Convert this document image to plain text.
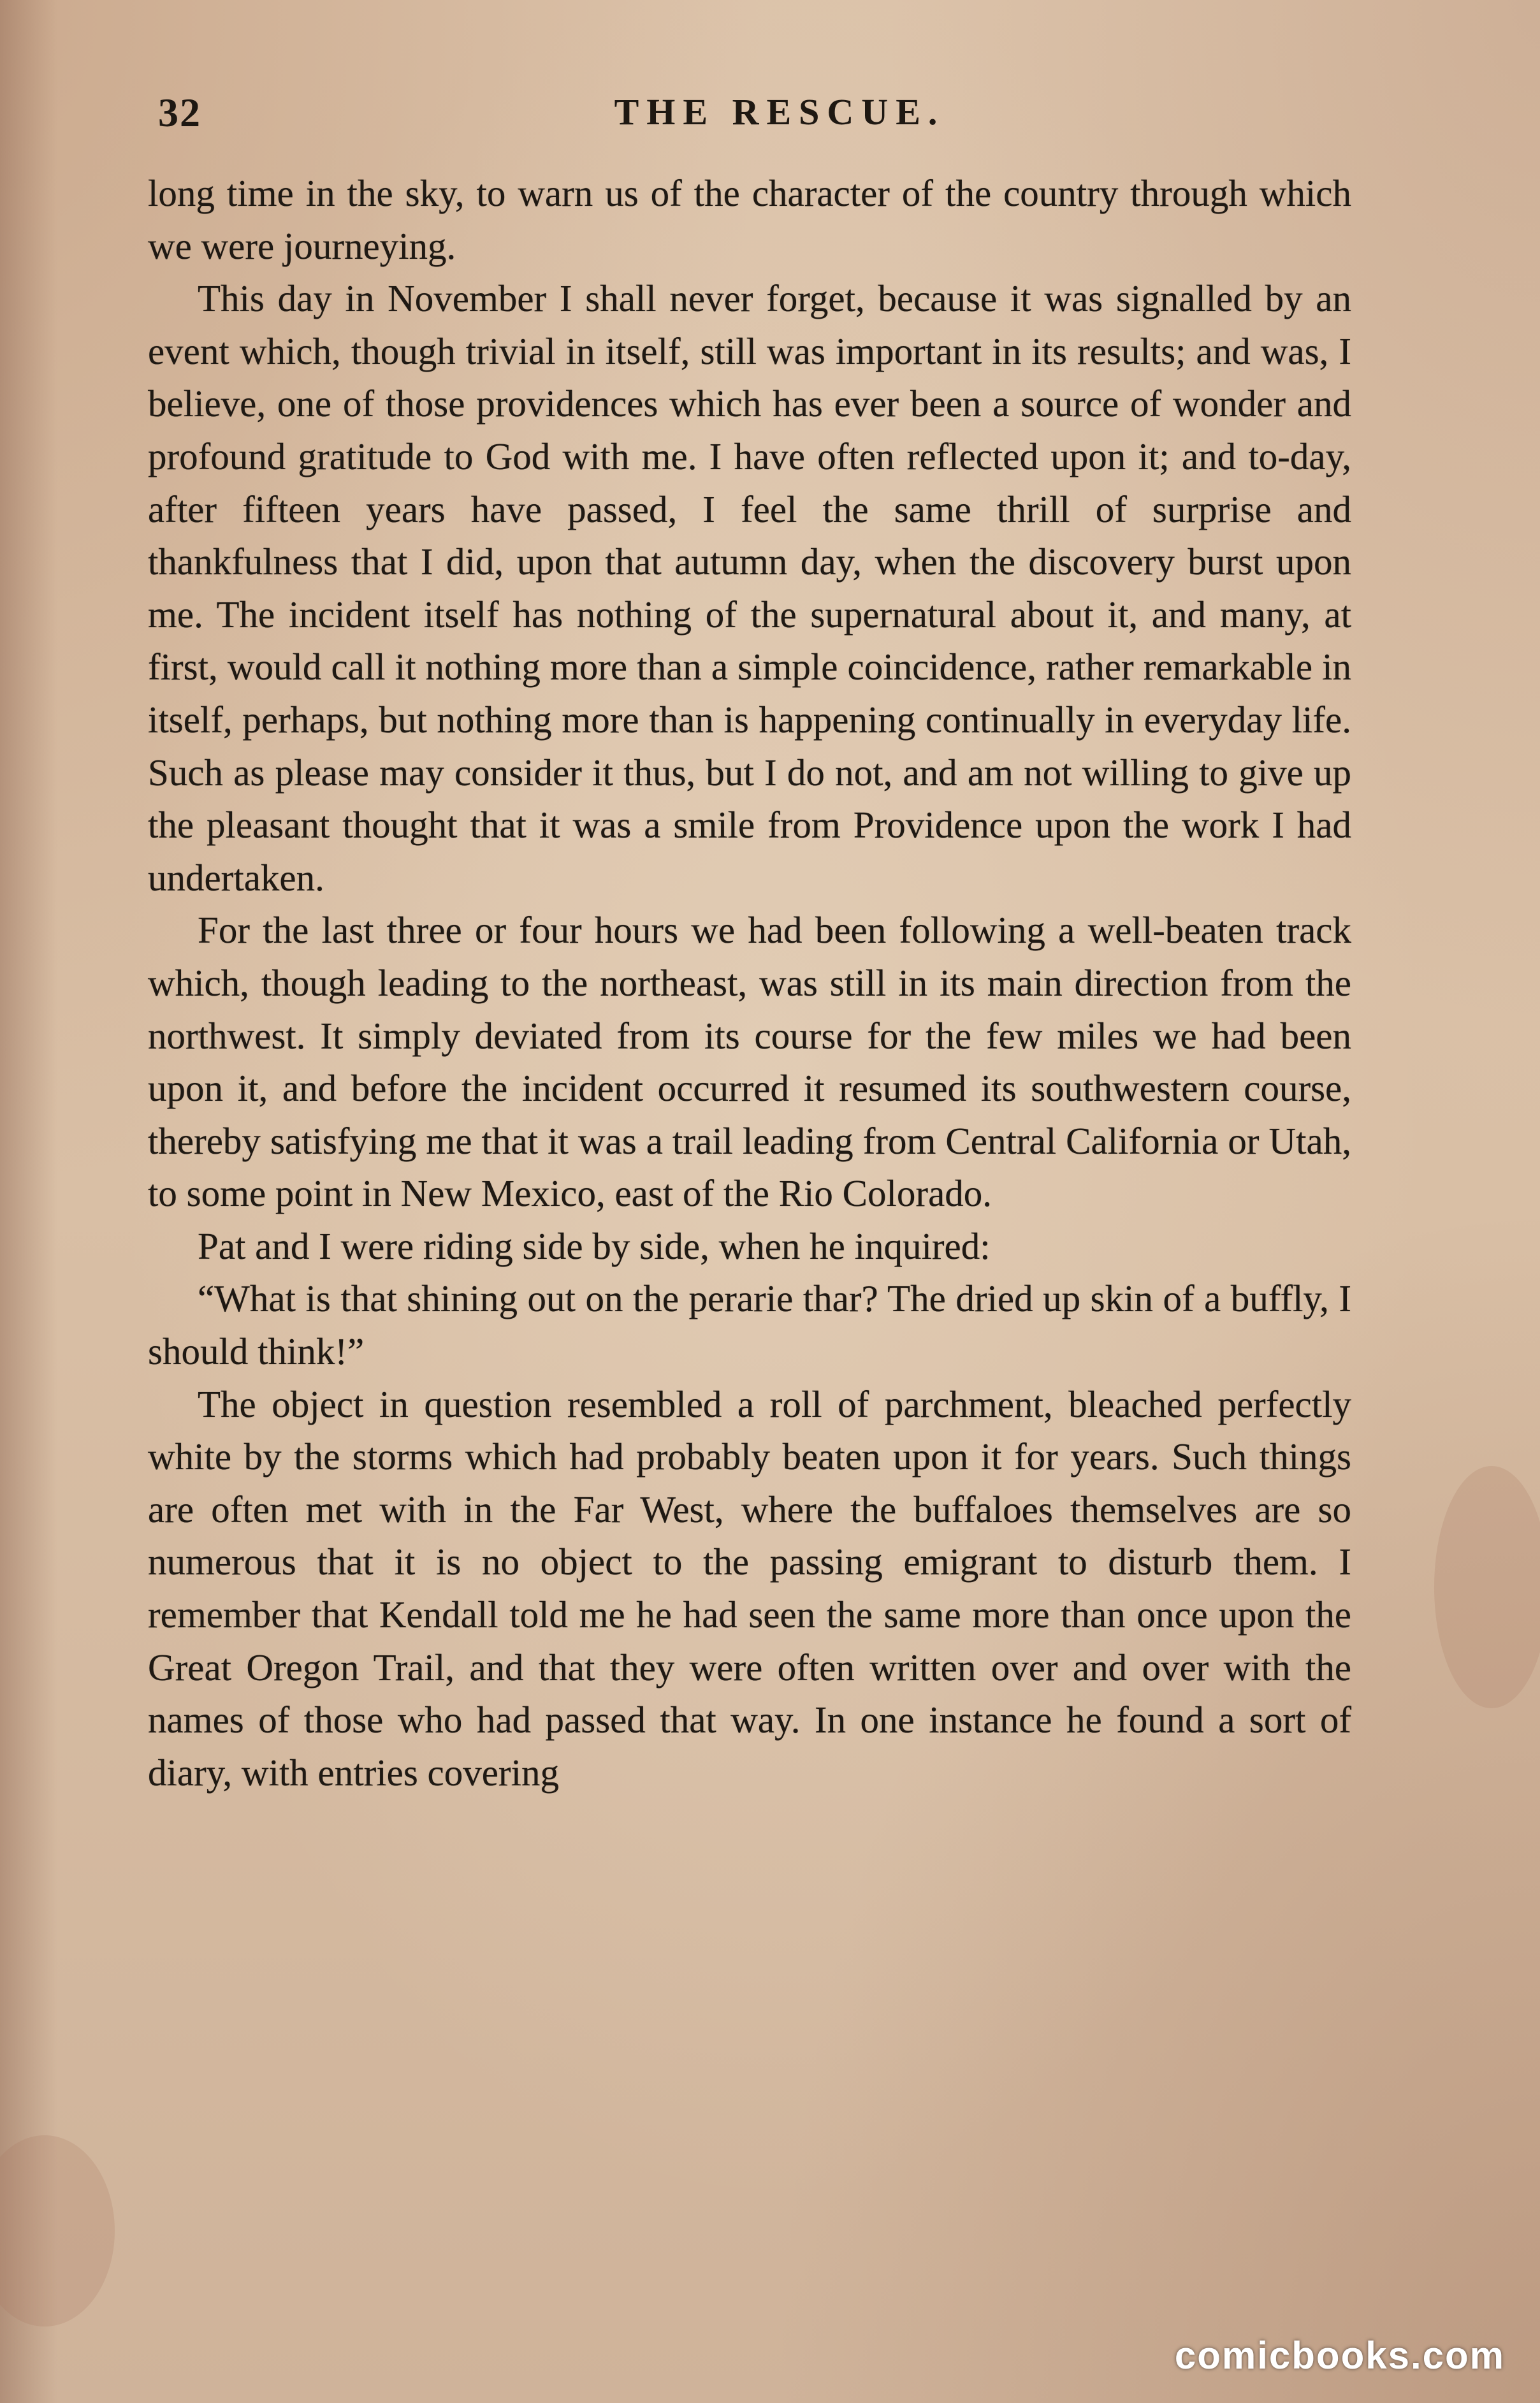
32	THE RESCUE.

long time in the sky, to warn us of the character of the country through which we were journeying.

This day in November I shall never forget, because it was signalled by an event which, though trivial in itself, still was important in its results; and was, I believe, one of those providences which has ever been a source of wonder and profound gratitude to God with me. I have often reflected upon it; and to-day, after fifteen years have passed, I feel the same thrill of surprise and thankfulness that I did, upon that autumn day, when the discovery burst upon me. The incident itself has nothing of the supernatural about it, and many, at first, would call it nothing more than a simple coincidence, rather remarkable in itself, perhaps, but nothing more than is happening continually in everyday life. Such as please may consider it thus, but I do not, and am not willing to give up the pleasant thought that it was a smile from Providence upon the work I had undertaken.

For the last three or four hours we had been following a well-beaten track which, though leading to the northeast, was still in its main direction from the northwest. It simply deviated from its course for the few miles we had been upon it, and before the incident occurred it resumed its southwestern course, thereby satisfying me that it was a trail leading from Central California or Utah, to some point in New Mexico, east of the Rio Colorado.

Pat and I were riding side by side, when he inquired:

“What is that shining out on the perarie thar? The dried up skin of a buffly, I should think!”

The object in question resembled a roll of parchment, bleached perfectly white by the storms which had probably beaten upon it for years. Such things are often met with in the Far West, where the buffaloes themselves are so numerous that it is no object to the passing emigrant to disturb them. I remember that Kendall told me he had seen the same more than once upon the Great Oregon Trail, and that they were often written over and over with the names of those who had passed that way. In one instance he found a sort of diary, with entries covering

comicbooks.com
